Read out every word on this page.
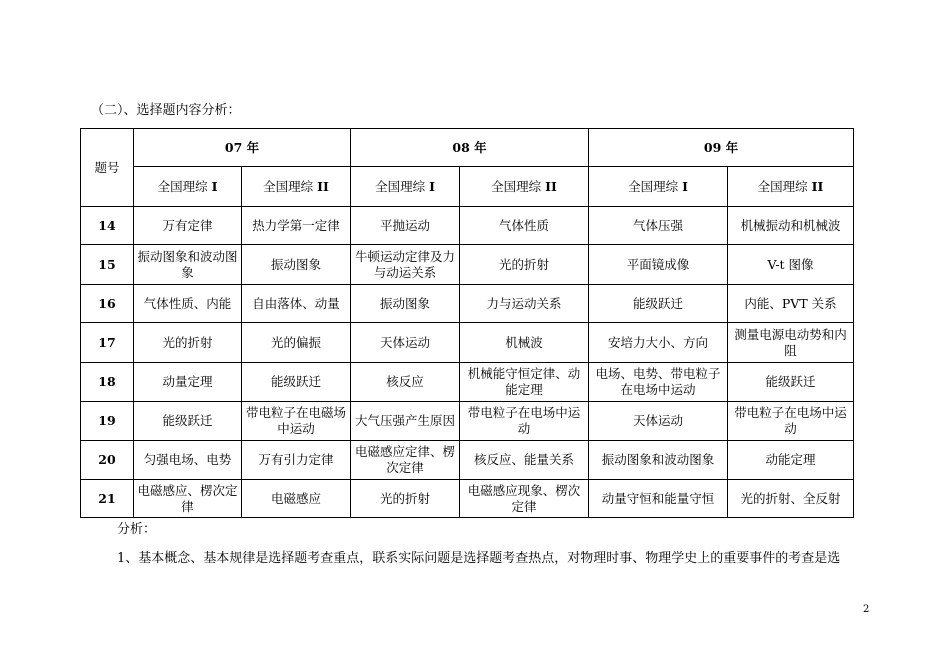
（二）、选择题内容分析：
题号	07 年		08 年		09 年	
	全国理综 I	全国理综 II	全国理综 I	全国理综 II	全国理综 I	全国理综 II
14	万有定律	热力学第一定律	平抛运动	气体性质	气体压强	机械振动和机械波
15	振动图象和波动图象	振动图象	牛顿运动定律及力与动运关系	光的折射	平面镜成像	V-t 图像
16	气体性质、内能	自由落体、动量	振动图象	力与运动关系	能级跃迁	内能、PVT 关系
17	光的折射	光的偏振	天体运动	机械波	安培力大小、方向	测量电源电动势和内阻
18	动量定理	能级跃迁	核反应	机械能守恒定律、动能定理	电场、电势、带电粒子在电场中运动	能级跃迁
19	能级跃迁	带电粒子在电磁场中运动	大气压强产生原因	带电粒子在电场中运动	天体运动	带电粒子在电场中运动
20	匀强电场、电势	万有引力定律	电磁感应定律、楞次定律	核反应、能量关系	振动图象和波动图象	动能定理
21	电磁感应、楞次定律	电磁感应	光的折射	电磁感应现象、楞次定律	动量守恒和能量守恒	光的折射、全反射
分析：
1、基本概念、基本规律是选择题考查重点，联系实际问题是选择题考查热点，对物理时事、物理学史上的重要事件的考查是选
2
